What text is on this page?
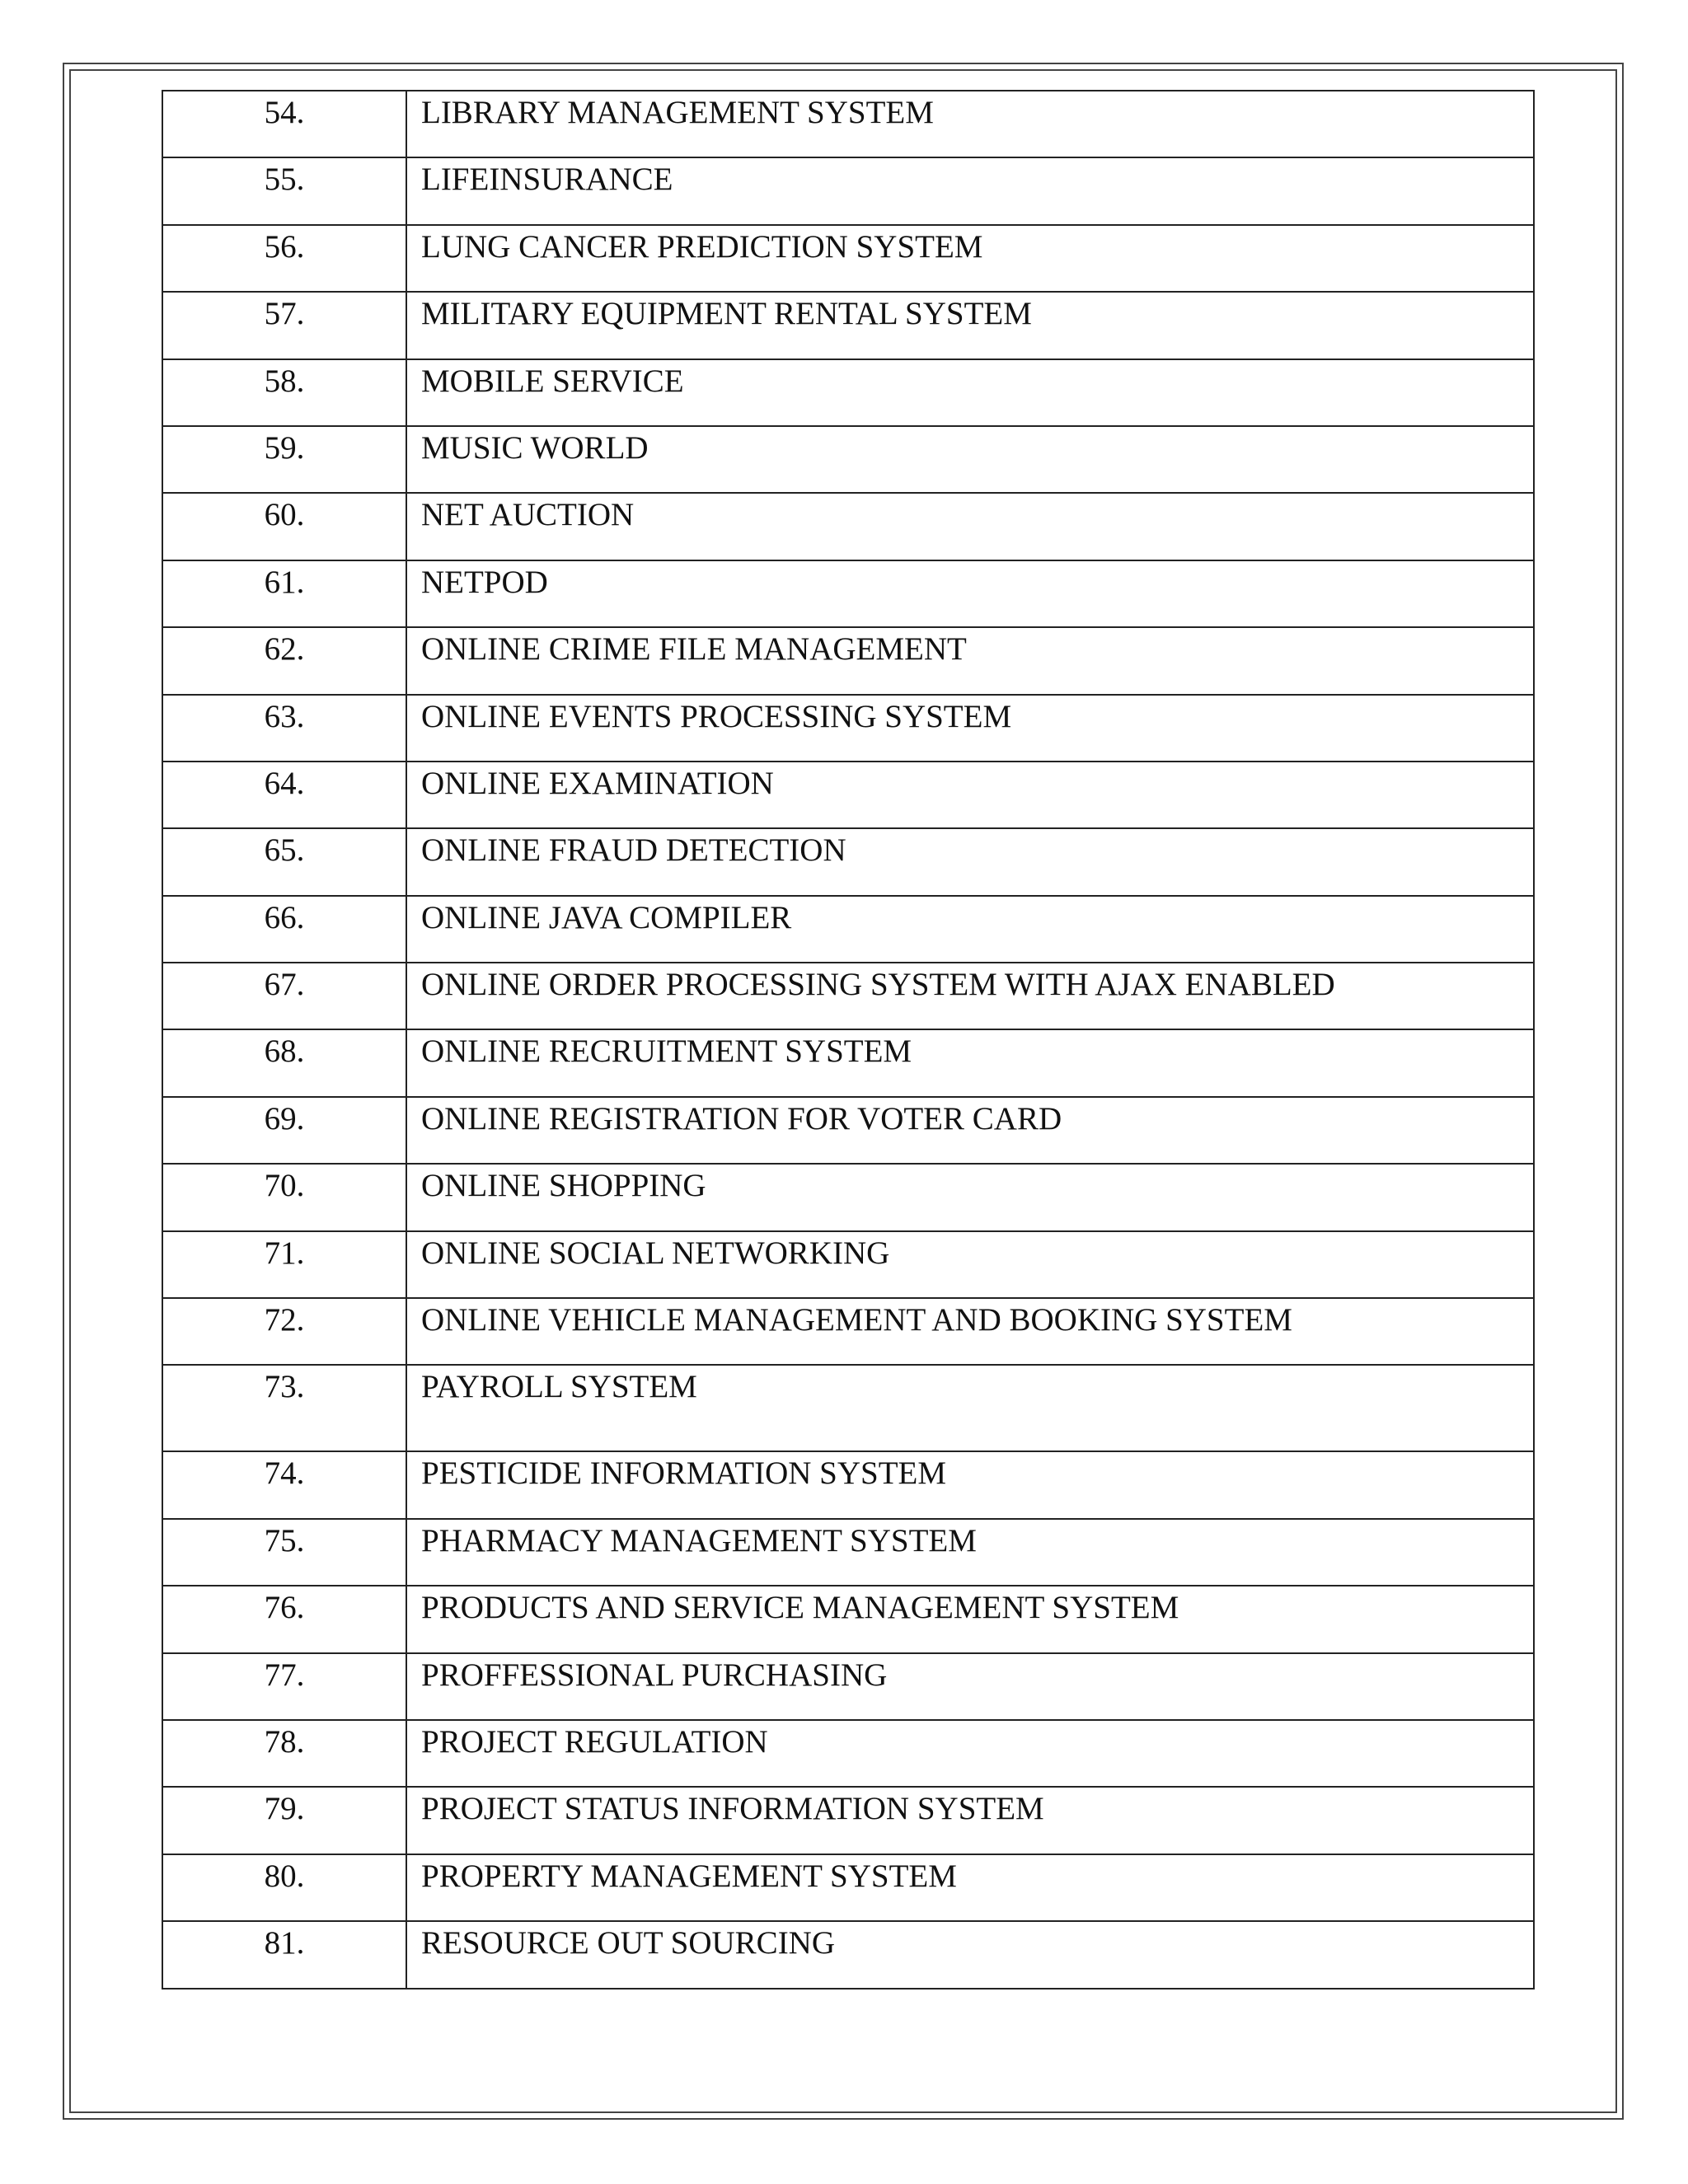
54.	LIBRARY MANAGEMENT SYSTEM
55.	LIFEINSURANCE
56.	LUNG CANCER PREDICTION SYSTEM
57.	MILITARY EQUIPMENT RENTAL SYSTEM
58.	MOBILE SERVICE
59.	MUSIC WORLD
60.	NET AUCTION
61.	NETPOD
62.	ONLINE CRIME FILE MANAGEMENT
63.	ONLINE EVENTS PROCESSING SYSTEM
64.	ONLINE EXAMINATION
65.	ONLINE FRAUD DETECTION
66.	ONLINE JAVA COMPILER
67.	ONLINE ORDER PROCESSING SYSTEM WITH AJAX ENABLED
68.	ONLINE RECRUITMENT SYSTEM
69.	ONLINE REGISTRATION FOR VOTER CARD
70.	ONLINE SHOPPING
71.	ONLINE SOCIAL NETWORKING
72.	ONLINE VEHICLE MANAGEMENT AND BOOKING SYSTEM
73.	PAYROLL SYSTEM
74.	PESTICIDE INFORMATION SYSTEM
75.	PHARMACY MANAGEMENT SYSTEM
76.	PRODUCTS AND SERVICE MANAGEMENT SYSTEM
77.	PROFFESSIONAL PURCHASING
78.	PROJECT REGULATION
79.	PROJECT STATUS INFORMATION SYSTEM
80.	PROPERTY MANAGEMENT SYSTEM
81.	RESOURCE OUT SOURCING
